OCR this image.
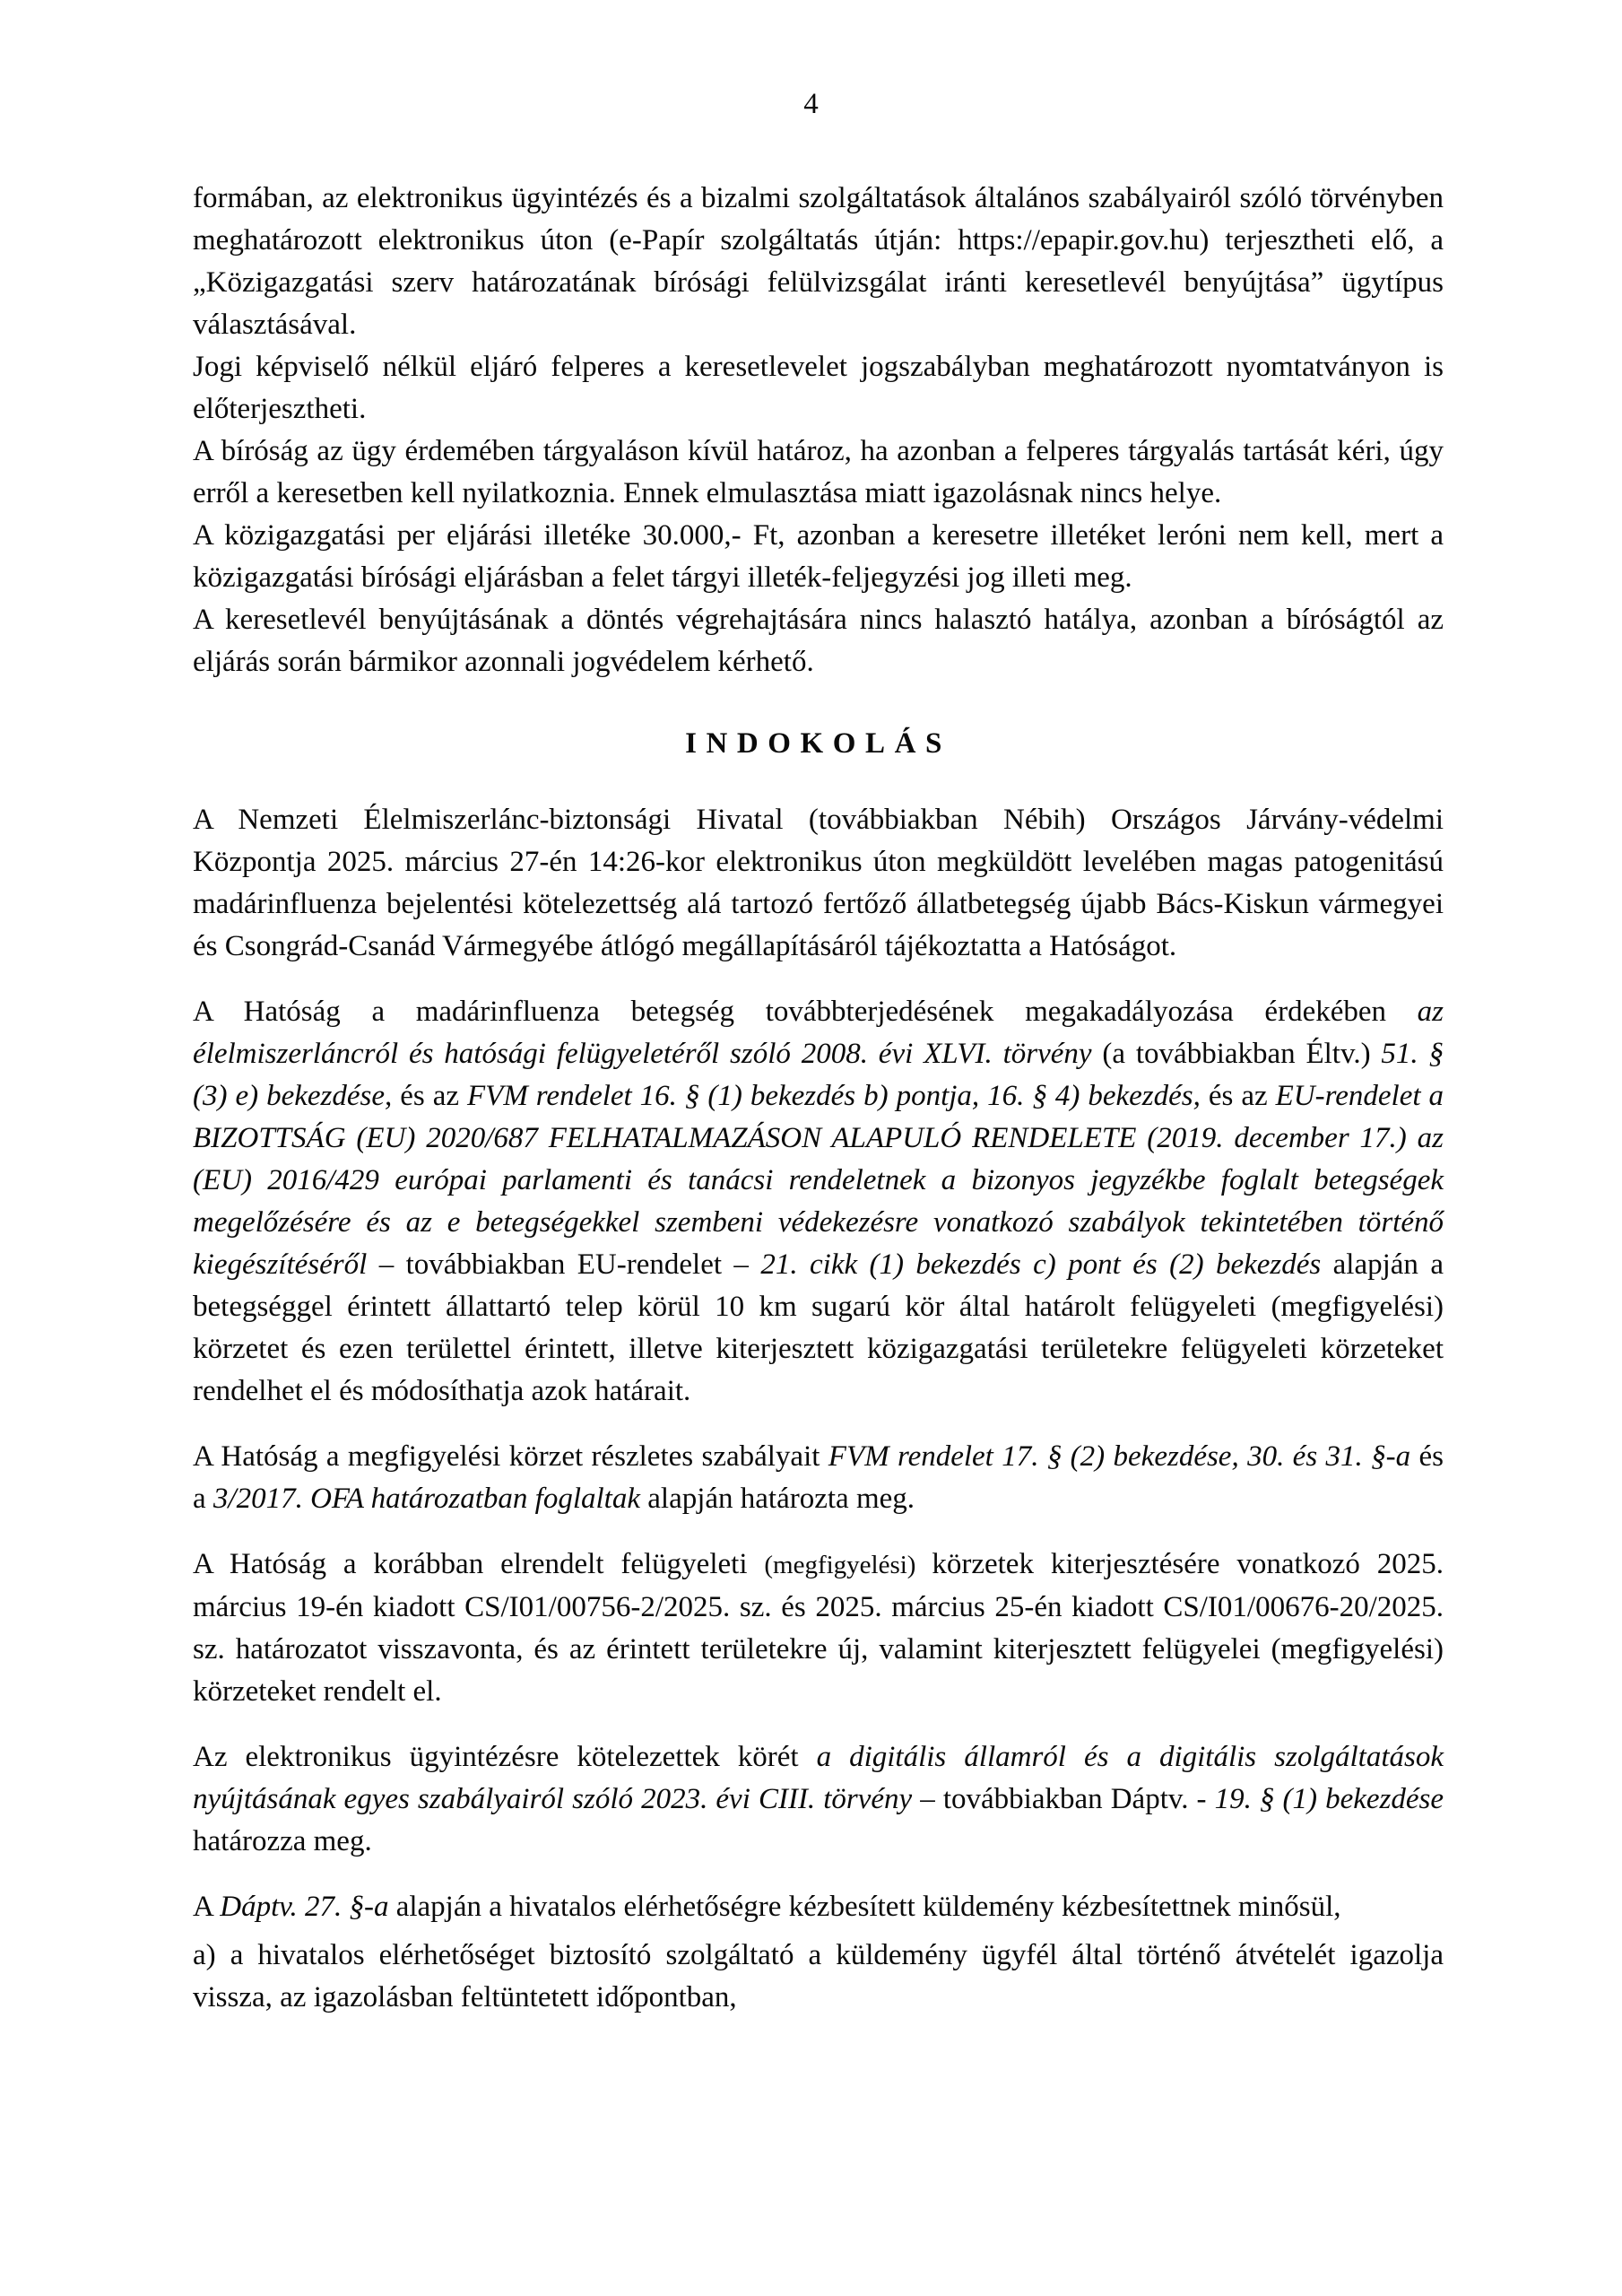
4

formában, az elektronikus ügyintézés és a bizalmi szolgáltatások általános szabályairól szóló törvényben meghatározott elektronikus úton (e-Papír szolgáltatás útján: https://epapir.gov.hu) terjesztheti elő, a „Közigazgatási szerv határozatának bírósági felülvizsgálat iránti keresetlevél benyújtása” ügytípus választásával.

Jogi képviselő nélkül eljáró felperes a keresetlevelet jogszabályban meghatározott nyomtatványon is előterjesztheti.

A bíróság az ügy érdemében tárgyaláson kívül határoz, ha azonban a felperes tárgyalás tartását kéri, úgy erről a keresetben kell nyilatkoznia. Ennek elmulasztása miatt igazolásnak nincs helye.

A közigazgatási per eljárási illetéke 30.000,- Ft, azonban a keresetre illetéket leróni nem kell, mert a közigazgatási bírósági eljárásban a felet tárgyi illeték-feljegyzési jog illeti meg.

A keresetlevél benyújtásának a döntés végrehajtására nincs halasztó hatálya, azonban a bíróságtól az eljárás során bármikor azonnali jogvédelem kérhető.

INDOKOLÁS

A Nemzeti Élelmiszerlánc-biztonsági Hivatal (továbbiakban Nébih) Országos Járvány-védelmi Központja 2025. március 27-én 14:26-kor elektronikus úton megküldött levelében magas patogenitású madárinfluenza bejelentési kötelezettség alá tartozó fertőző állatbetegség újabb Bács-Kiskun vármegyei és Csongrád-Csanád Vármegyébe átlógó megállapításáról tájékoztatta a Hatóságot.

A Hatóság a madárinfluenza betegség továbbterjedésének megakadályozása érdekében az élelmiszerláncról és hatósági felügyeletéről szóló 2008. évi XLVI. törvény (a továbbiakban Éltv.) 51. § (3) e) bekezdése, és az FVM rendelet 16. § (1) bekezdés b) pontja, 16. § 4) bekezdés, és az EU-rendelet a BIZOTTSÁG (EU) 2020/687 FELHATALMAZÁSON ALAPULÓ RENDELETE (2019. december 17.) az (EU) 2016/429 európai parlamenti és tanácsi rendeletnek a bizonyos jegyzékbe foglalt betegségek megelőzésére és az e betegségekkel szembeni védekezésre vonatkozó szabályok tekintetében történő kiegészítéséről – továbbiakban EU-rendelet – 21. cikk (1) bekezdés c) pont és (2) bekezdés alapján a betegséggel érintett állattartó telep körül 10 km sugarú kör által határolt felügyeleti (megfigyelési) körzetet és ezen területtel érintett, illetve kiterjesztett közigazgatási területekre felügyeleti körzeteket rendelhet el és módosíthatja azok határait.

A Hatóság a megfigyelési körzet részletes szabályait FVM rendelet 17. § (2) bekezdése, 30. és 31. §-a és a 3/2017. OFA határozatban foglaltak alapján határozta meg.

A Hatóság a korábban elrendelt felügyeleti (megfigyelési) körzetek kiterjesztésére vonatkozó 2025. március 19-én kiadott CS/I01/00756-2/2025. sz. és 2025. március 25-én kiadott CS/I01/00676-20/2025. sz. határozatot visszavonta, és az érintett területekre új, valamint kiterjesztett felügyelei (megfigyelési) körzeteket rendelt el.

Az elektronikus ügyintézésre kötelezettek körét a digitális államról és a digitális szolgáltatások nyújtásának egyes szabályairól szóló 2023. évi CIII. törvény – továbbiakban Dáptv. - 19. § (1) bekezdése határozza meg.

A Dáptv. 27. §-a alapján a hivatalos elérhetőségre kézbesített küldemény kézbesítettnek minősül,

a) a hivatalos elérhetőséget biztosító szolgáltató a küldemény ügyfél által történő átvételét igazolja vissza, az igazolásban feltüntetett időpontban,
